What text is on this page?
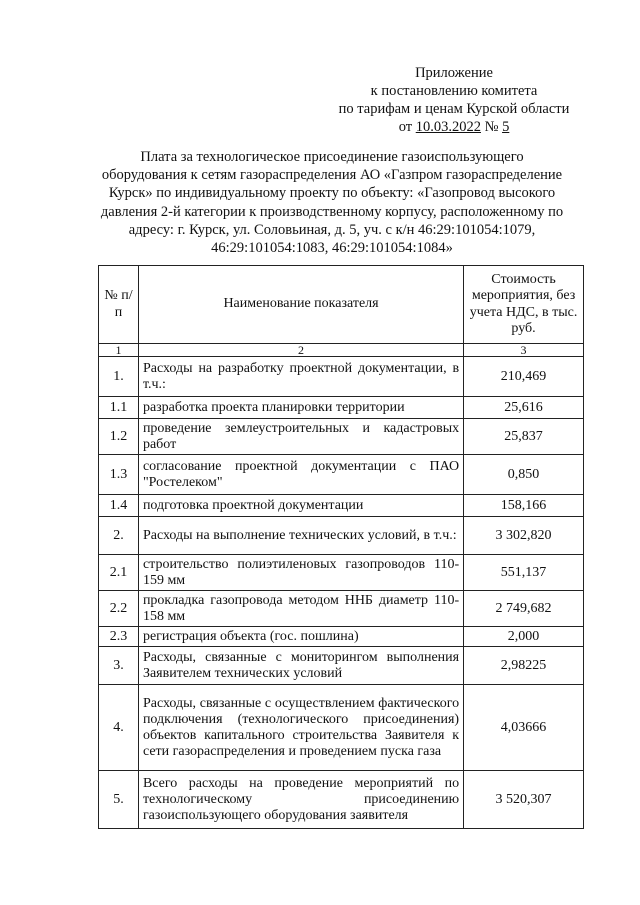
Приложение
к постановлению комитета
по тарифам и ценам Курской области
от 10.03.2022 № 5
Плата за технологическое присоединение газоиспользующего
оборудования к сетям газораспределения АО «Газпром газораспределение
Курск» по индивидуальному проекту по объекту: «Газопровод высокого
давления 2-й категории к производственному корпусу, расположенному по
адресу: г. Курск, ул. Соловьиная, д. 5, уч. с к/н 46:29:101054:1079,
46:29:101054:1083, 46:29:101054:1084»
№ п/п	Наименование показателя	Стоимость мероприятия, без учета НДС, в тыс. руб.
1	2	3
1.	Расходы на разработку проектной документации, в т.ч.:	210,469
1.1	разработка проекта планировки территории	25,616
1.2	проведение землеустроительных и кадастровых работ	25,837
1.3	согласование проектной документации с ПАО "Ростелеком"	0,850
1.4	подготовка проектной документации	158,166
2.	Расходы на выполнение технических условий, в т.ч.:	3 302,820
2.1	строительство полиэтиленовых газопроводов 110-159 мм	551,137
2.2	прокладка газопровода методом ННБ диаметр 110-158 мм	2 749,682
2.3	регистрация объекта (гос. пошлина)	2,000
3.	Расходы, связанные с мониторингом выполнения Заявителем технических условий	2,98225
4.	Расходы, связанные с осуществлением фактического подключения (технологического присоединения) объектов капитального строительства Заявителя к сети газораспределения и проведением пуска газа	4,03666
5.	Всего расходы на проведение мероприятий по технологическому присоединению газоиспользующего оборудования заявителя	3 520,307
